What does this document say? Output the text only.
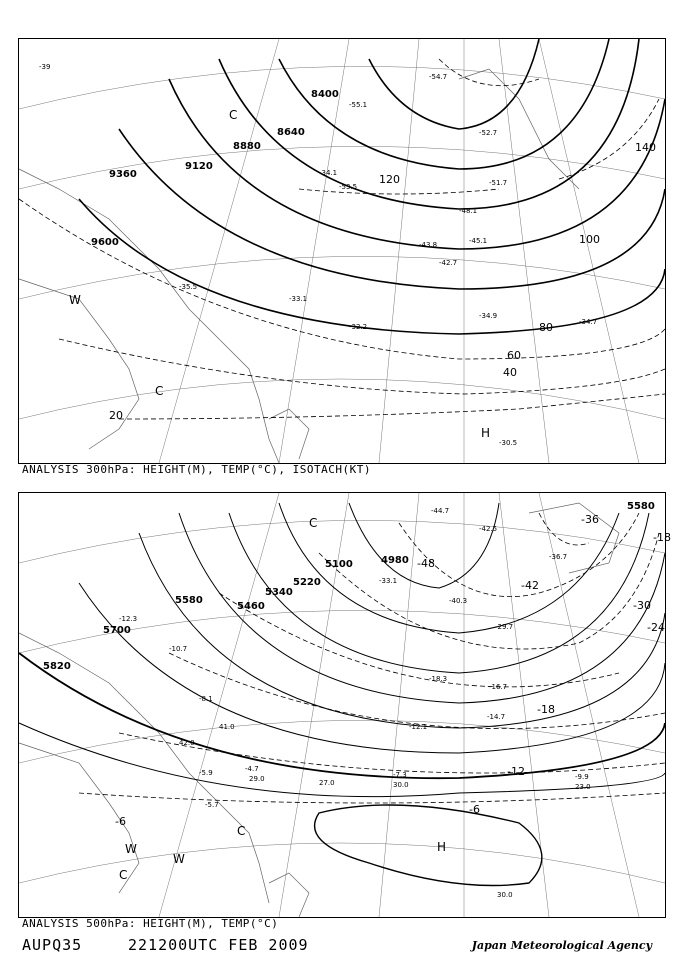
8400
8640
8880
9120
9360
9600
20
40
60
80
100
120
140
-39
-35.5
-34.1
-48.1
-45.1
-43.8
-42.7
-33.1
-32.2
-34.9
-34.7
-30.5
-54.7
-53.5
-52.7
-51.7
-55.1
H
C
C
W
ANALYSIS 300hPa: HEIGHT(M), TEMP(°C), ISOTACH(KT)
4980
5100
5220
5340
5460
5580
5700
5820
5580
-48
-42
-36
-30
-24
-18
-12
-6
-6
-18
-44.7
-42.5
-40.3
-36.7
-33.1
-29.7
-18.3
-16.7
-14.7
-12.1
-9.9
-7.3
-5.9
-5.7
-4.7
-8.1
-10.7
-12.3
30.0	23.0
29.0	27.0
41.0
42.0
30.0
H
C
C
C
W
W
ANALYSIS 500hPa: HEIGHT(M), TEMP(°C)
AUPQ35	221200UTC FEB 2009	Japan Meteorological Agency
